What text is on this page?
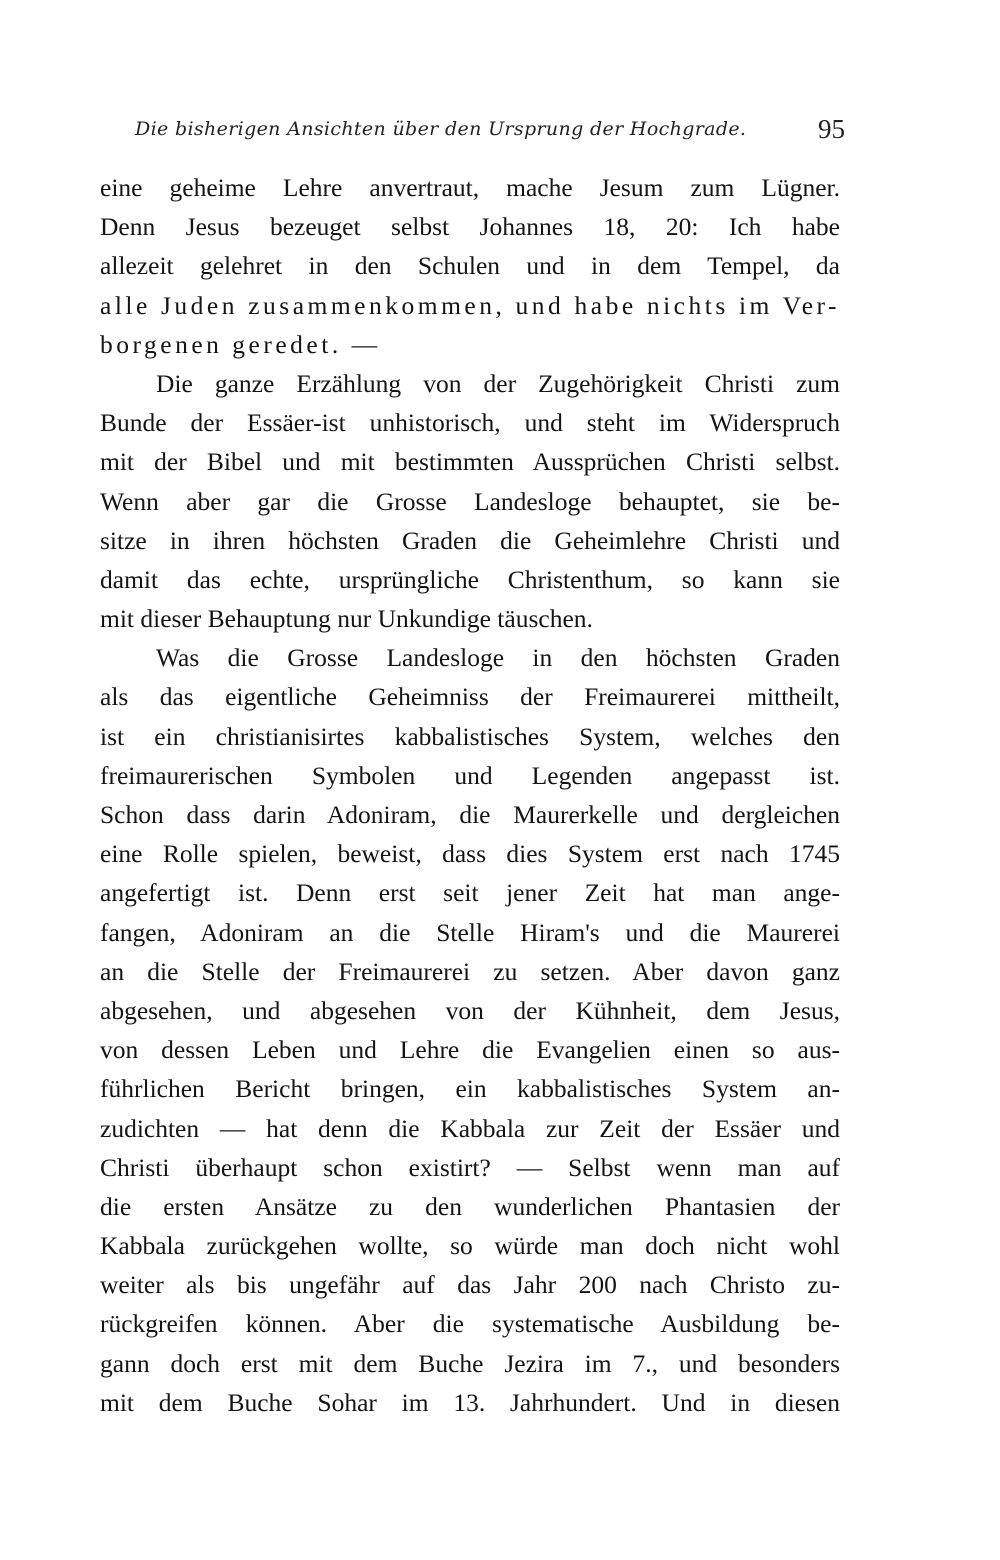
Die bisherigen Ansichten über den Ursprung der Hochgrade.	95
eine geheime Lehre anvertraut, mache Jesum zum Lügner.
Denn Jesus bezeuget selbst Johannes 18, 20: Ich habe
allezeit gelehret in den Schulen und in dem Tempel, da
alle Juden zusammenkommen, und habe nichts im Ver-
borgenen geredet. —
Die ganze Erzählung von der Zugehörigkeit Christi zum
Bunde der Essäer-ist unhistorisch, und steht im Widerspruch
mit der Bibel und mit bestimmten Aussprüchen Christi selbst.
Wenn aber gar die Grosse Landesloge behauptet, sie be-
sitze in ihren höchsten Graden die Geheimlehre Christi und
damit das echte, ursprüngliche Christenthum, so kann sie
mit dieser Behauptung nur Unkundige täuschen.
Was die Grosse Landesloge in den höchsten Graden
als das eigentliche Geheimniss der Freimaurerei mittheilt,
ist ein christianisirtes kabbalistisches System, welches den
freimaurerischen Symbolen und Legenden angepasst ist.
Schon dass darin Adoniram, die Maurerkelle und dergleichen
eine Rolle spielen, beweist, dass dies System erst nach 1745
angefertigt ist. Denn erst seit jener Zeit hat man ange-
fangen, Adoniram an die Stelle Hiram's und die Maurerei
an die Stelle der Freimaurerei zu setzen. Aber davon ganz
abgesehen, und abgesehen von der Kühnheit, dem Jesus,
von dessen Leben und Lehre die Evangelien einen so aus-
führlichen Bericht bringen, ein kabbalistisches System an-
zudichten — hat denn die Kabbala zur Zeit der Essäer und
Christi überhaupt schon existirt? — Selbst wenn man auf
die ersten Ansätze zu den wunderlichen Phantasien der
Kabbala zurückgehen wollte, so würde man doch nicht wohl
weiter als bis ungefähr auf das Jahr 200 nach Christo zu-
rückgreifen können. Aber die systematische Ausbildung be-
gann doch erst mit dem Buche Jezira im 7., und besonders
mit dem Buche Sohar im 13. Jahrhundert. Und in diesen
